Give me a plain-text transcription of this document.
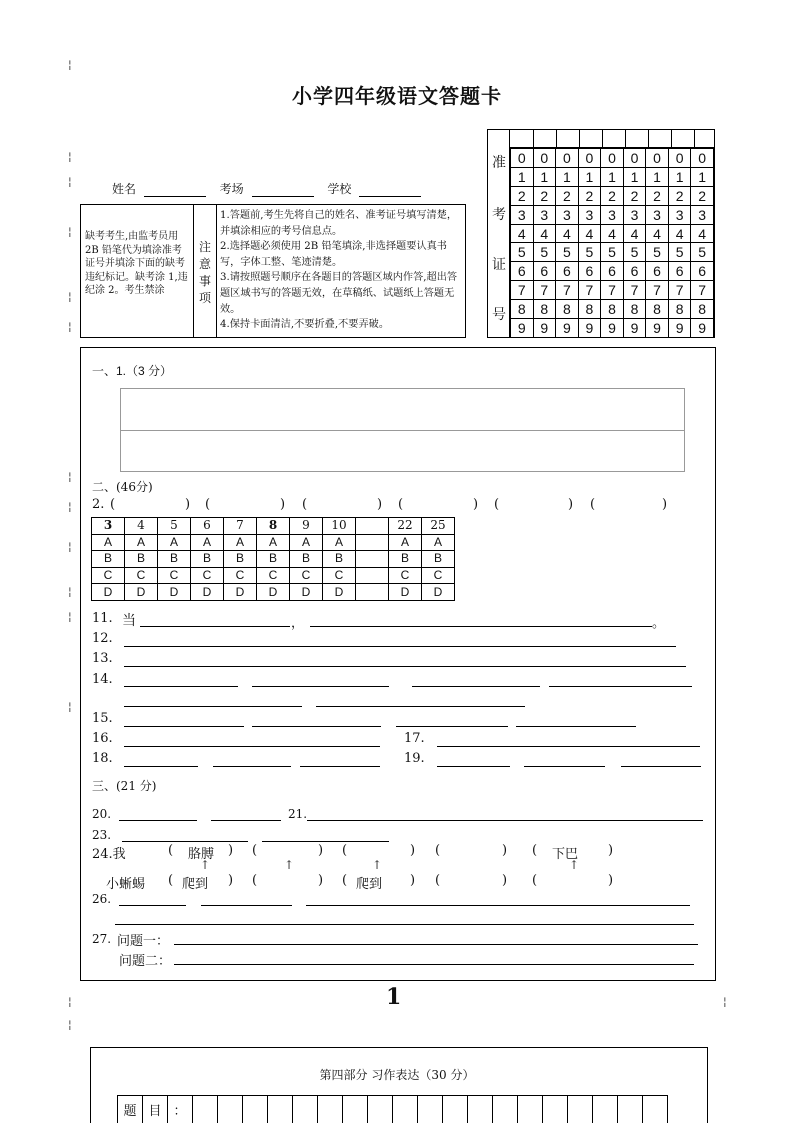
¦
¦
¦
¦
¦
¦
¦
¦
¦
¦
¦
¦
¦
¦
¦
小学四年级语文答题卡
姓名	考场	学校
缺考考生,由监考员用2B 铅笔代为填涂准考证号并填涂下面的缺考违纪标记。缺考涂 1,违纪涂 2。考生禁涂
注
意
事
项
1.答题前,考生先将自己的姓名、准考证号填写清楚，并填涂相应的考号信息点。
2.选择题必须使用 2B 铅笔填涂,非选择题要认真书写，字体工整、笔迹清楚。
3.请按照题号顺序在各题目的答题区域内作答,超出答题区域书写的答题无效，在草稿纸、试题纸上答题无效。
4.保持卡面清洁,不要折叠,不要弄破。
准
考
证
号
0	0	0	0	0	0	0	0	0
1	1	1	1	1	1	1	1	1
2	2	2	2	2	2	2	2	2
3	3	3	3	3	3	3	3	3
4	4	4	4	4	4	4	4	4
5	5	5	5	5	5	5	5	5
6	6	6	6	6	6	6	6	6
7	7	7	7	7	7	7	7	7
8	8	8	8	8	8	8	8	8
9	9	9	9	9	9	9	9	9
一、1.（3 分）
二、(46分)
2. (	) (	) (	) (	) (	) (	)
3	4	5	6	7	8	9	10		22	25
A	A	A	A	A	A	A	A		A	A
B	B	B	B	B	B	B	B		B	B
C	C	C	C	C	C	C	C		C	C
D	D	D	D	D	D	D	D		D	D
11. 当	，	。
12.
13.
14.
15.
16.	17.
18.	19.
三、(21 分)
20.	21.
23.
24.我	(	)
胳膊	(	) (	) (	) (	)
下巴
↑	↑	↑	↑
(	)
爬到	(	) (	)
爬到	(	) (	)
小蜥蜴
26.
27. 问题一：
问题二：
1
第四部分 习作表达（30 分）
题	目	：																			
